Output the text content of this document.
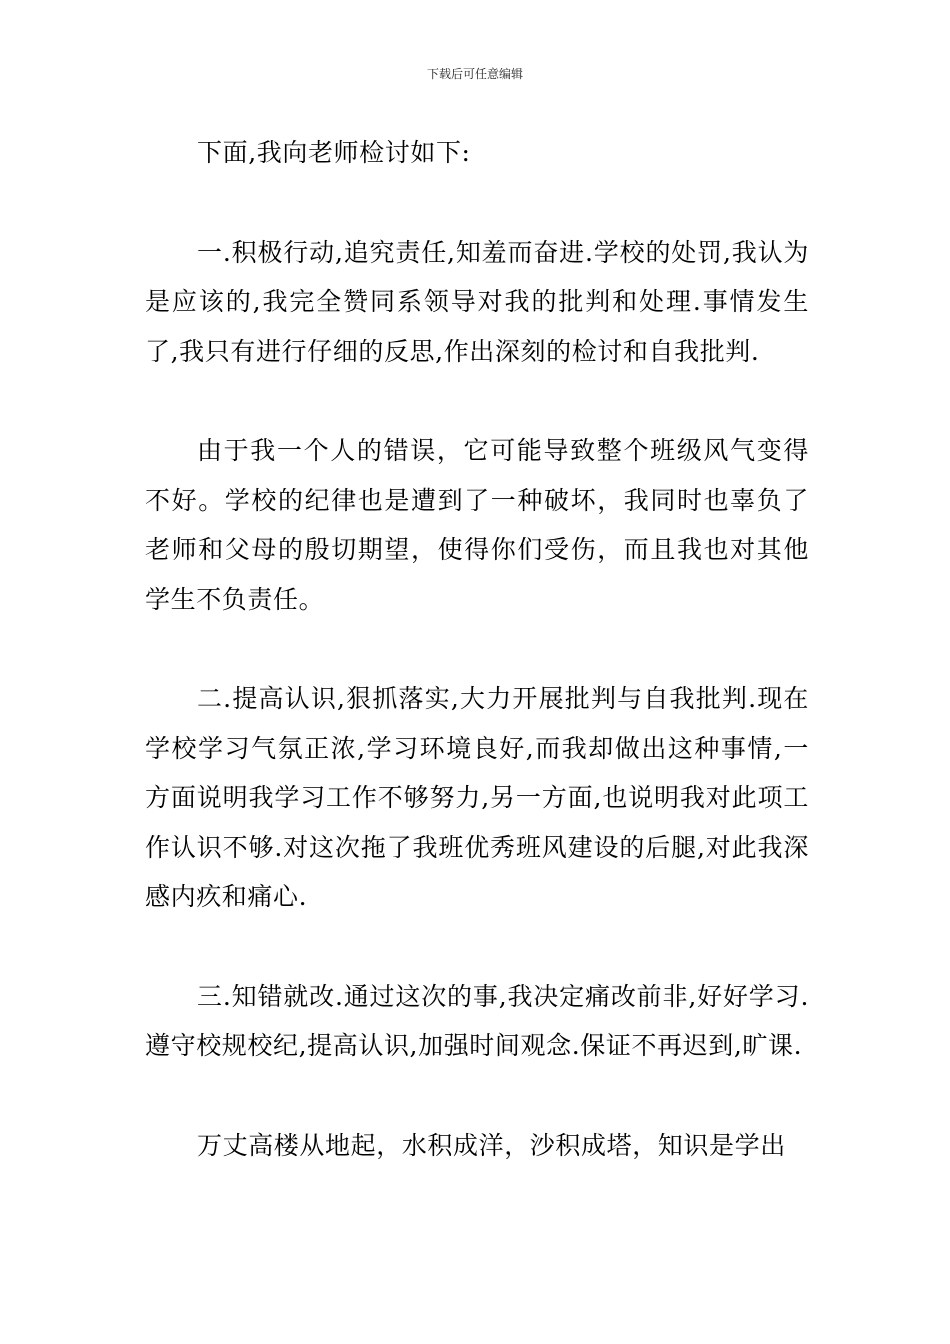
下载后可任意编辑

下面,我向老师检讨如下:

一.积极行动,追究责任,知羞而奋进.学校的处罚,我认为是应该的,我完全赞同系领导对我的批判和处理.事情发生了,我只有进行仔细的反思,作出深刻的检讨和自我批判.

由于我一个人的错误，它可能导致整个班级风气变得不好。学校的纪律也是遭到了一种破坏，我同时也辜负了老师和父母的殷切期望，使得你们受伤，而且我也对其他学生不负责任。

二.提高认识,狠抓落实,大力开展批判与自我批判.现在学校学习气氛正浓,学习环境良好,而我却做出这种事情,一方面说明我学习工作不够努力,另一方面,也说明我对此项工作认识不够.对这次拖了我班优秀班风建设的后腿,对此我深感内疚和痛心.

三.知错就改.通过这次的事,我决定痛改前非,好好学习.遵守校规校纪,提高认识,加强时间观念.保证不再迟到,旷课.

万丈高楼从地起，水积成洋，沙积成塔，知识是学出
